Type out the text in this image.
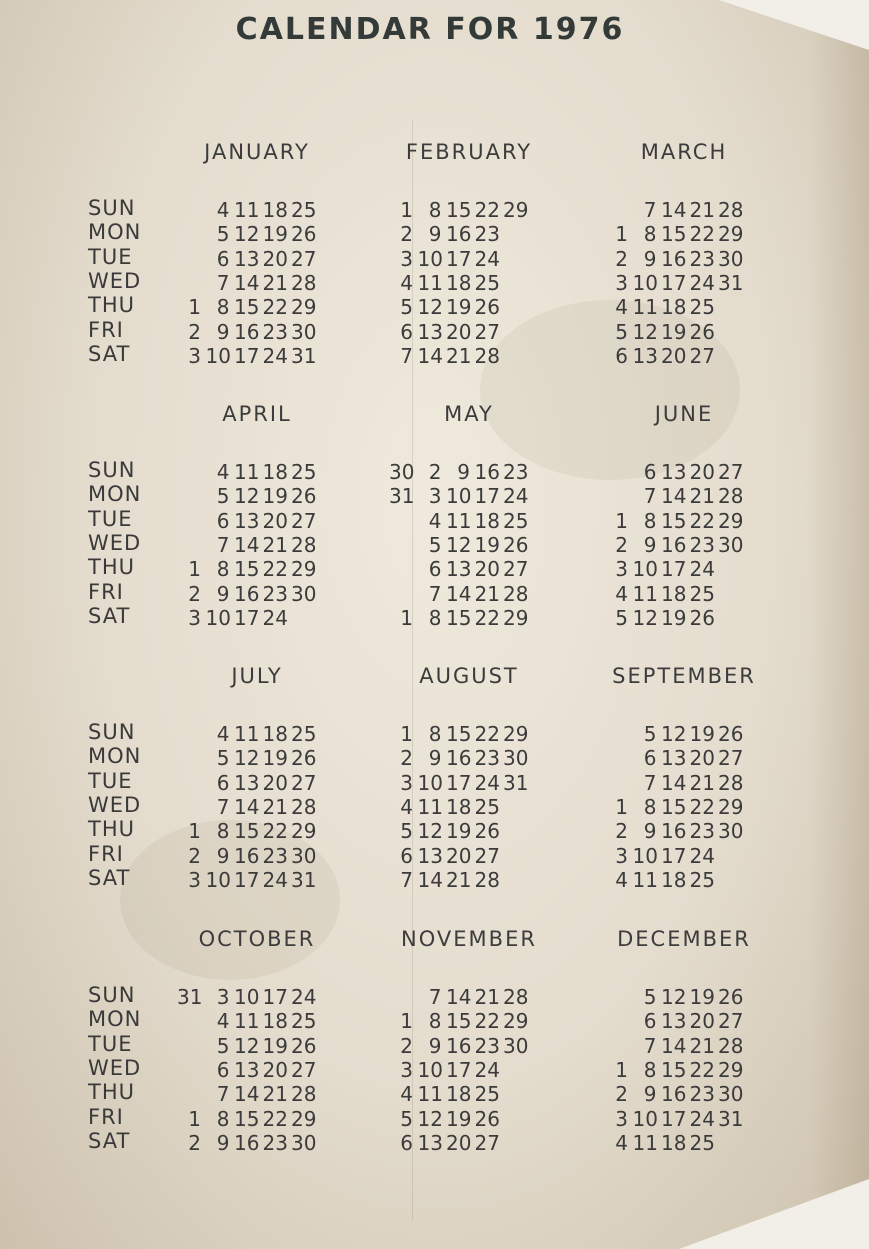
CALENDAR FOR 1976
SUN
MON
TUE
WED
THU
FRI
SAT
JANUARY
4 11 18 25
5 12 19 26
6 13 20 27
7 14 21 28
1 8 15 22 29
2 9 16 23 30
3 10 17 24 31
FEBRUARY
1 8 15 22 29
2 9 16 23
3 10 17 24
4 11 18 25
5 12 19 26
6 13 20 27
7 14 21 28
MARCH
7 14 21 28
1 8 15 22 29
2 9 16 23 30
3 10 17 24 31
4 11 18 25
5 12 19 26
6 13 20 27
SUN
MON
TUE
WED
THU
FRI
SAT
APRIL
4 11 18 25
5 12 19 26
6 13 20 27
7 14 21 28
1 8 15 22 29
2 9 16 23 30
3 10 17 24
MAY
30 2 9 16 23
31 3 10 17 24
4 11 18 25
5 12 19 26
6 13 20 27
7 14 21 28
1 8 15 22 29
JUNE
6 13 20 27
7 14 21 28
1 8 15 22 29
2 9 16 23 30
3 10 17 24
4 11 18 25
5 12 19 26
SUN
MON
TUE
WED
THU
FRI
SAT
JULY
4 11 18 25
5 12 19 26
6 13 20 27
7 14 21 28
1 8 15 22 29
2 9 16 23 30
3 10 17 24 31
AUGUST
1 8 15 22 29
2 9 16 23 30
3 10 17 24 31
4 11 18 25
5 12 19 26
6 13 20 27
7 14 21 28
SEPTEMBER
5 12 19 26
6 13 20 27
7 14 21 28
1 8 15 22 29
2 9 16 23 30
3 10 17 24
4 11 18 25
SUN
MON
TUE
WED
THU
FRI
SAT
OCTOBER
31 3 10 17 24
4 11 18 25
5 12 19 26
6 13 20 27
7 14 21 28
1 8 15 22 29
2 9 16 23 30
NOVEMBER
7 14 21 28
1 8 15 22 29
2 9 16 23 30
3 10 17 24
4 11 18 25
5 12 19 26
6 13 20 27
DECEMBER
5 12 19 26
6 13 20 27
7 14 21 28
1 8 15 22 29
2 9 16 23 30
3 10 17 24 31
4 11 18 25
